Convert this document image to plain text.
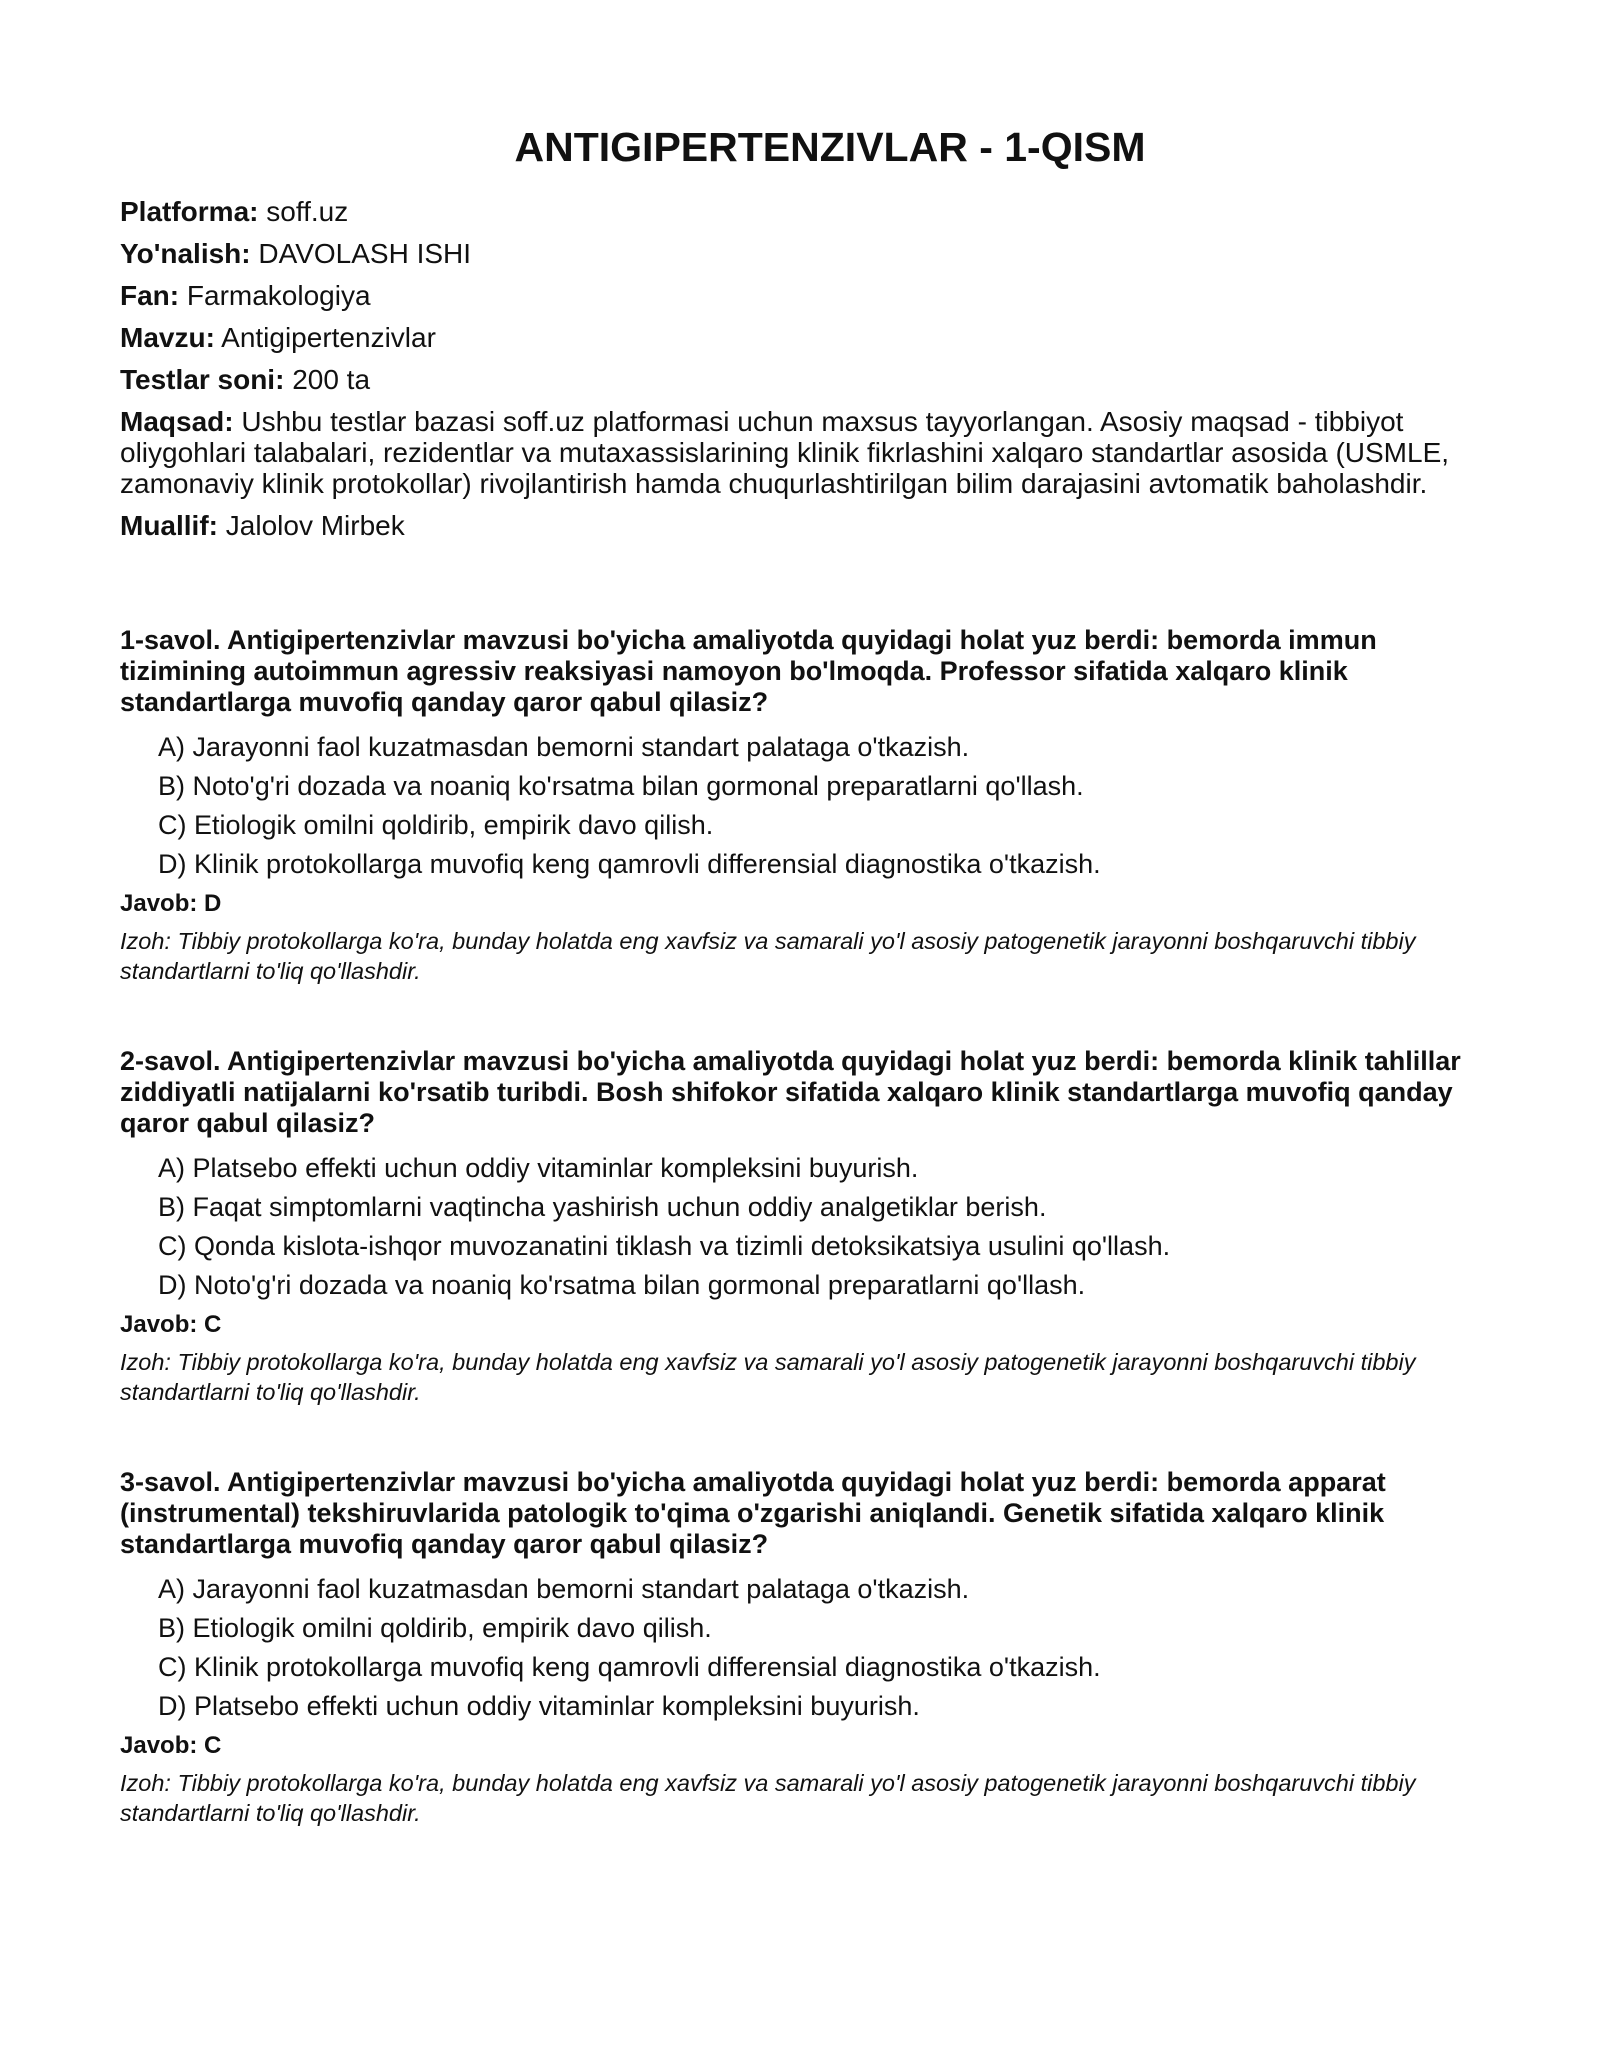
ANTIGIPERTENZIVLAR - 1-QISM
Platforma: soff.uz
Yo'nalish: DAVOLASH ISHI
Fan: Farmakologiya
Mavzu: Antigipertenzivlar
Testlar soni: 200 ta
Maqsad: Ushbu testlar bazasi soff.uz platformasi uchun maxsus tayyorlangan. Asosiy maqsad - tibbiyot oliygohlari talabalari, rezidentlar va mutaxassislarining klinik fikrlashini xalqaro standartlar asosida (USMLE, zamonaviy klinik protokollar) rivojlantirish hamda chuqurlashtirilgan bilim darajasini avtomatik baholashdir.
Muallif: Jalolov Mirbek
1-savol. Antigipertenzivlar mavzusi bo'yicha amaliyotda quyidagi holat yuz berdi: bemorda immun tizimining autoimmun agressiv reaksiyasi namoyon bo'lmoqda. Professor sifatida xalqaro klinik standartlarga muvofiq qanday qaror qabul qilasiz?
A) Jarayonni faol kuzatmasdan bemorni standart palataga o'tkazish.
B) Noto'g'ri dozada va noaniq ko'rsatma bilan gormonal preparatlarni qo'llash.
C) Etiologik omilni qoldirib, empirik davo qilish.
D) Klinik protokollarga muvofiq keng qamrovli differensial diagnostika o'tkazish.
Javob: D
Izoh: Tibbiy protokollarga ko'ra, bunday holatda eng xavfsiz va samarali yo'l asosiy patogenetik jarayonni boshqaruvchi tibbiy standartlarni to'liq qo'llashdir.
2-savol. Antigipertenzivlar mavzusi bo'yicha amaliyotda quyidagi holat yuz berdi: bemorda klinik tahlillar ziddiyatli natijalarni ko'rsatib turibdi. Bosh shifokor sifatida xalqaro klinik standartlarga muvofiq qanday qaror qabul qilasiz?
A) Platsebo effekti uchun oddiy vitaminlar kompleksini buyurish.
B) Faqat simptomlarni vaqtincha yashirish uchun oddiy analgetiklar berish.
C) Qonda kislota-ishqor muvozanatini tiklash va tizimli detoksikatsiya usulini qo'llash.
D) Noto'g'ri dozada va noaniq ko'rsatma bilan gormonal preparatlarni qo'llash.
Javob: C
Izoh: Tibbiy protokollarga ko'ra, bunday holatda eng xavfsiz va samarali yo'l asosiy patogenetik jarayonni boshqaruvchi tibbiy standartlarni to'liq qo'llashdir.
3-savol. Antigipertenzivlar mavzusi bo'yicha amaliyotda quyidagi holat yuz berdi: bemorda apparat (instrumental) tekshiruvlarida patologik to'qima o'zgarishi aniqlandi. Genetik sifatida xalqaro klinik standartlarga muvofiq qanday qaror qabul qilasiz?
A) Jarayonni faol kuzatmasdan bemorni standart palataga o'tkazish.
B) Etiologik omilni qoldirib, empirik davo qilish.
C) Klinik protokollarga muvofiq keng qamrovli differensial diagnostika o'tkazish.
D) Platsebo effekti uchun oddiy vitaminlar kompleksini buyurish.
Javob: C
Izoh: Tibbiy protokollarga ko'ra, bunday holatda eng xavfsiz va samarali yo'l asosiy patogenetik jarayonni boshqaruvchi tibbiy standartlarni to'liq qo'llashdir.
